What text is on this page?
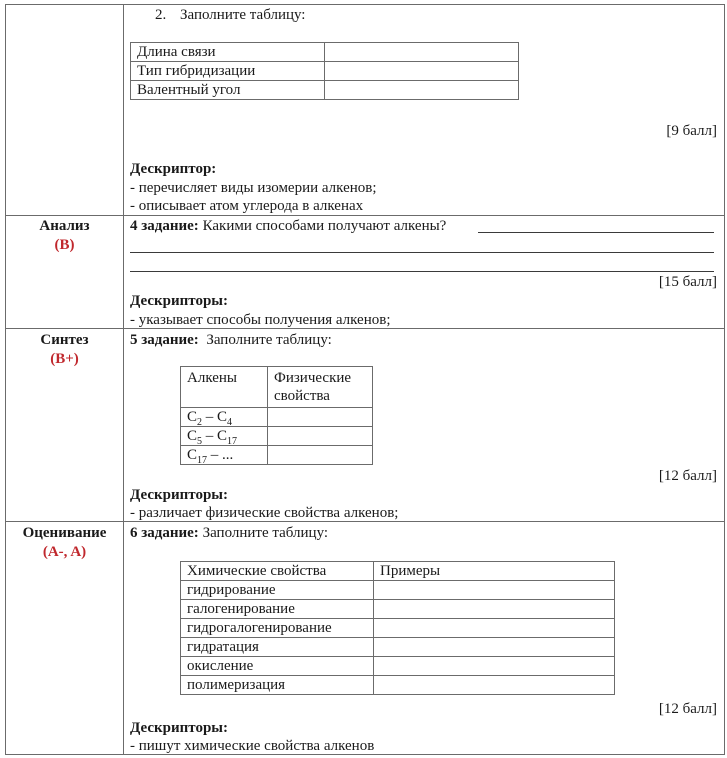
2. Заполните таблицу:
Длина связи	
Тип гибридизации	
Валентный угол	
[9 балл]
Дескриптор:
- перечисляет виды изомерии алкенов;
- описывает атом углерода в алкенах
Анализ
(B)
4 задание: Какими способами получают алкены?
[15 балл]
Дескрипторы:
- указывает способы получения алкенов;
Синтез
(B+)
5 задание: Заполните таблицу:
Алкены	Физические
свойства

$C_2 - C_4$	
$C_5 - C_{17}$	
$C_{17}$ – ...	
[12 балл]
Дескрипторы:
- различает физические свойства алкенов;
Оценивание
(A-, A)
6 задание: Заполните таблицу:
Химические свойства	Примеры
гидрирование	
галогенирование	
гидрогалогенирование	
гидратация	
окисление	
полимеризация	
[12 балл]
Дескрипторы:
- пишут химические свойства алкенов
